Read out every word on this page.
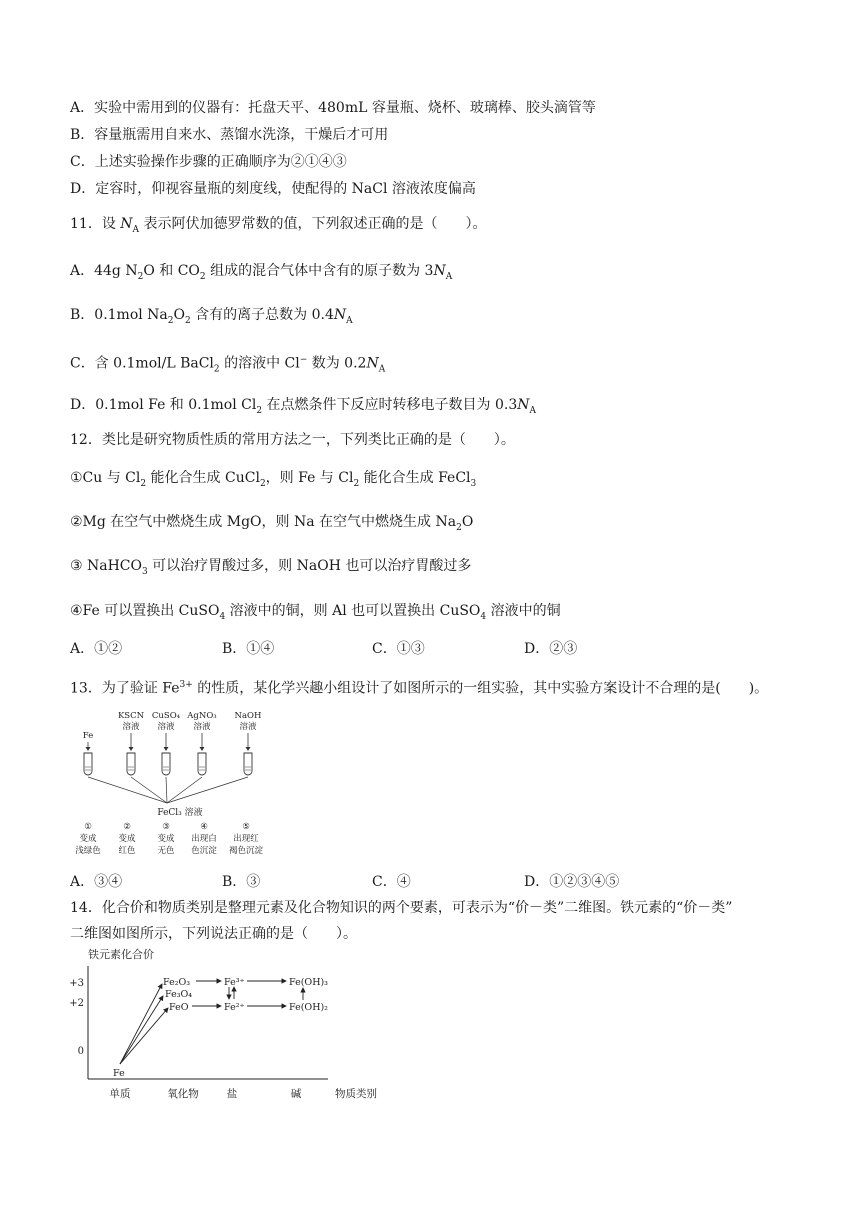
A．实验中需用到的仪器有：托盘天平、480mL 容量瓶、烧杯、玻璃棒、胶头滴管等
B．容量瓶需用自来水、蒸馏水洗涤，干燥后才可用
C．上述实验操作步骤的正确顺序为②①④③
D．定容时，仰视容量瓶的刻度线，使配得的 NaCl 溶液浓度偏高
11．设 $N_A$ 表示阿伏加德罗常数的值，下列叙述正确的是（　　）。
A．44g $N_2O$ 和 $CO_2$ 组成的混合气体中含有的原子数为 $3N_A$
B．0.1mol $Na_2O_2$ 含有的离子总数为 $0.4N_A$
C．含 0.1mol/L BaCl$_2$ 的溶液中 Cl− 数为 $0.2N_A$
D．0.1mol Fe 和 0.1mol $Cl_2$ 在点燃条件下反应时转移电子数目为 $0.3N_A$
12．类比是研究物质性质的常用方法之一，下列类比正确的是（　　）。
①Cu 与 $Cl_2$ 能化合生成 CuCl$_2$，则 Fe 与 $Cl_2$ 能化合生成 FeCl$_3$
②Mg 在空气中燃烧生成 MgO，则 Na 在空气中燃烧生成 $Na_2O$
③ NaHCO$_3$ 可以治疗胃酸过多，则 NaOH 也可以治疗胃酸过多
④Fe 可以置换出 CuSO$_4$ 溶液中的铜，则 Al 也可以置换出 CuSO$_4$ 溶液中的铜
A．①②	B．①④	C．①③	D．②③
13．为了验证 $Fe^{3+}$ 的性质，某化学兴趣小组设计了如图所示的一组实验，其中实验方案设计不合理的是(　　)。
Fe
KSCN
溶液
CuSO₄
溶液
AgNO₃
溶液
NaOH
溶液
FeCl₃ 溶液
①
变成
浅绿色
②
变成
红色
③
变成
无色
④
出现白
色沉淀
⑤
出现红
褐色沉淀
A．③④	B．③	C．④	D．①②③④⑤
14．化合价和物质类别是整理元素及化合物知识的两个要素，可表示为“价－类”二维图。铁元素的“价－类”
二维图如图所示，下列说法正确的是（　　）。
铁元素化合价
+3
+2
0
单质	氧化物	盐	碱	物质类别
Fe
Fe₂O₃
Fe₃O₄
FeO
Fe³⁺
Fe²⁺
Fe(OH)₃
Fe(OH)₂
